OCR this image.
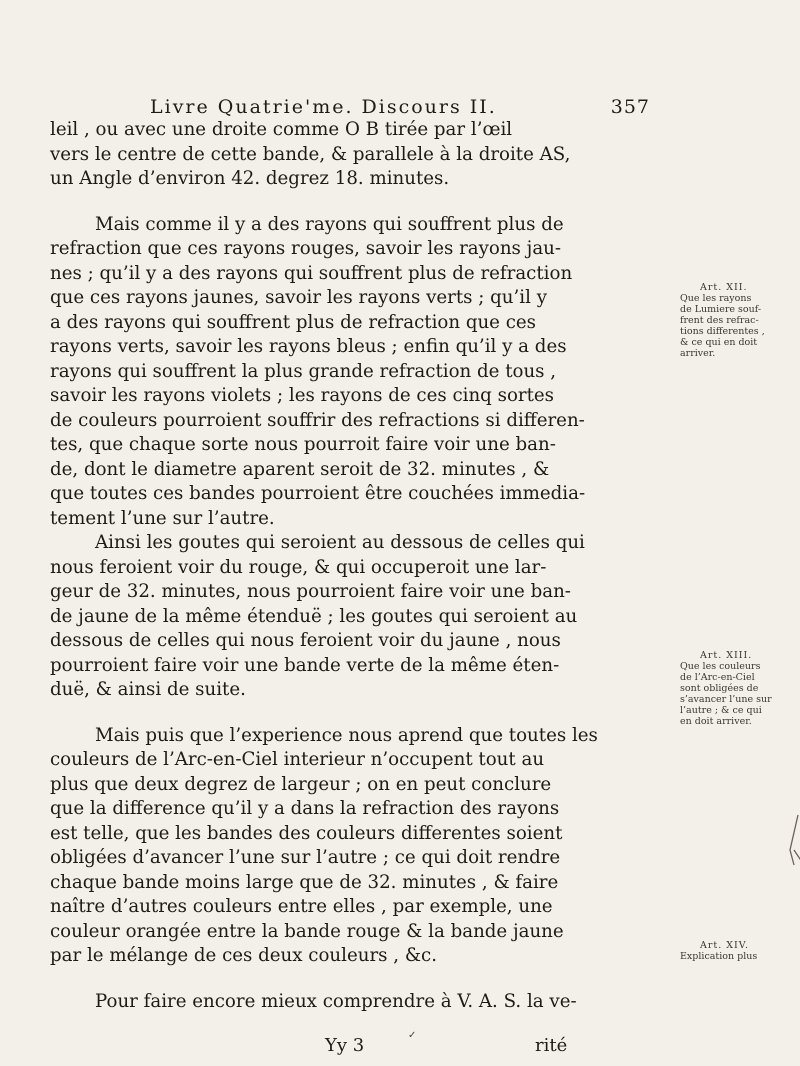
Livre Quatrie'me. Discours II.	357
leil , ou avec une droite comme O B tirée par l’œil
vers le centre de cette bande, & parallele à la droite AS,
un Angle d’environ 42. degrez 18. minutes.
Mais comme il y a des rayons qui souffrent plus de
refraction que ces rayons rouges, savoir les rayons jau-
nes ; qu’il y a des rayons qui souffrent plus de refraction
que ces rayons jaunes, savoir les rayons verts ; qu’il y
a des rayons qui souffrent plus de refraction que ces
rayons verts, savoir les rayons bleus ; enfin qu’il y a des
rayons qui souffrent la plus grande refraction de tous ,
savoir les rayons violets ; les rayons de ces cinq sortes
de couleurs pourroient souffrir des refractions si differen-
tes, que chaque sorte nous pourroit faire voir une ban-
de, dont le diametre aparent seroit de 32. minutes , &
que toutes ces bandes pourroient être couchées immedia-
tement l’une sur l’autre.
Ainsi les goutes qui seroient au dessous de celles qui
nous feroient voir du rouge, & qui occuperoit une lar-
geur de 32. minutes, nous pourroient faire voir une ban-
de jaune de la même étenduë ; les goutes qui seroient au
dessous de celles qui nous feroient voir du jaune , nous
pourroient faire voir une bande verte de la même éten-
duë, & ainsi de suite.
Mais puis que l’experience nous aprend que toutes les
couleurs de l’Arc-en-Ciel interieur n’occupent tout au
plus que deux degrez de largeur ; on en peut conclure
que la difference qu’il y a dans la refraction des rayons
est telle, que les bandes des couleurs differentes soient
obligées d’avancer l’une sur l’autre ; ce qui doit rendre
chaque bande moins large que de 32. minutes , & faire
naître d’autres couleurs entre elles , par exemple, une
couleur orangée entre la bande rouge & la bande jaune
par le mélange de ces deux couleurs , &c.
Pour faire encore mieux comprendre à V. A. S. la ve-
Art. XII.
Que les rayons
de Lumiere souf-
frent des refrac-
tions differentes ,
& ce qui en doit
arriver.
Art. XIII.
Que les couleurs
de l’Arc-en-Ciel
sont obligées de
s’avancer l’une sur
l’autre ; & ce qui
en doit arriver.
Art. XIV.
Explication plus
Yy 3	rité
✓
